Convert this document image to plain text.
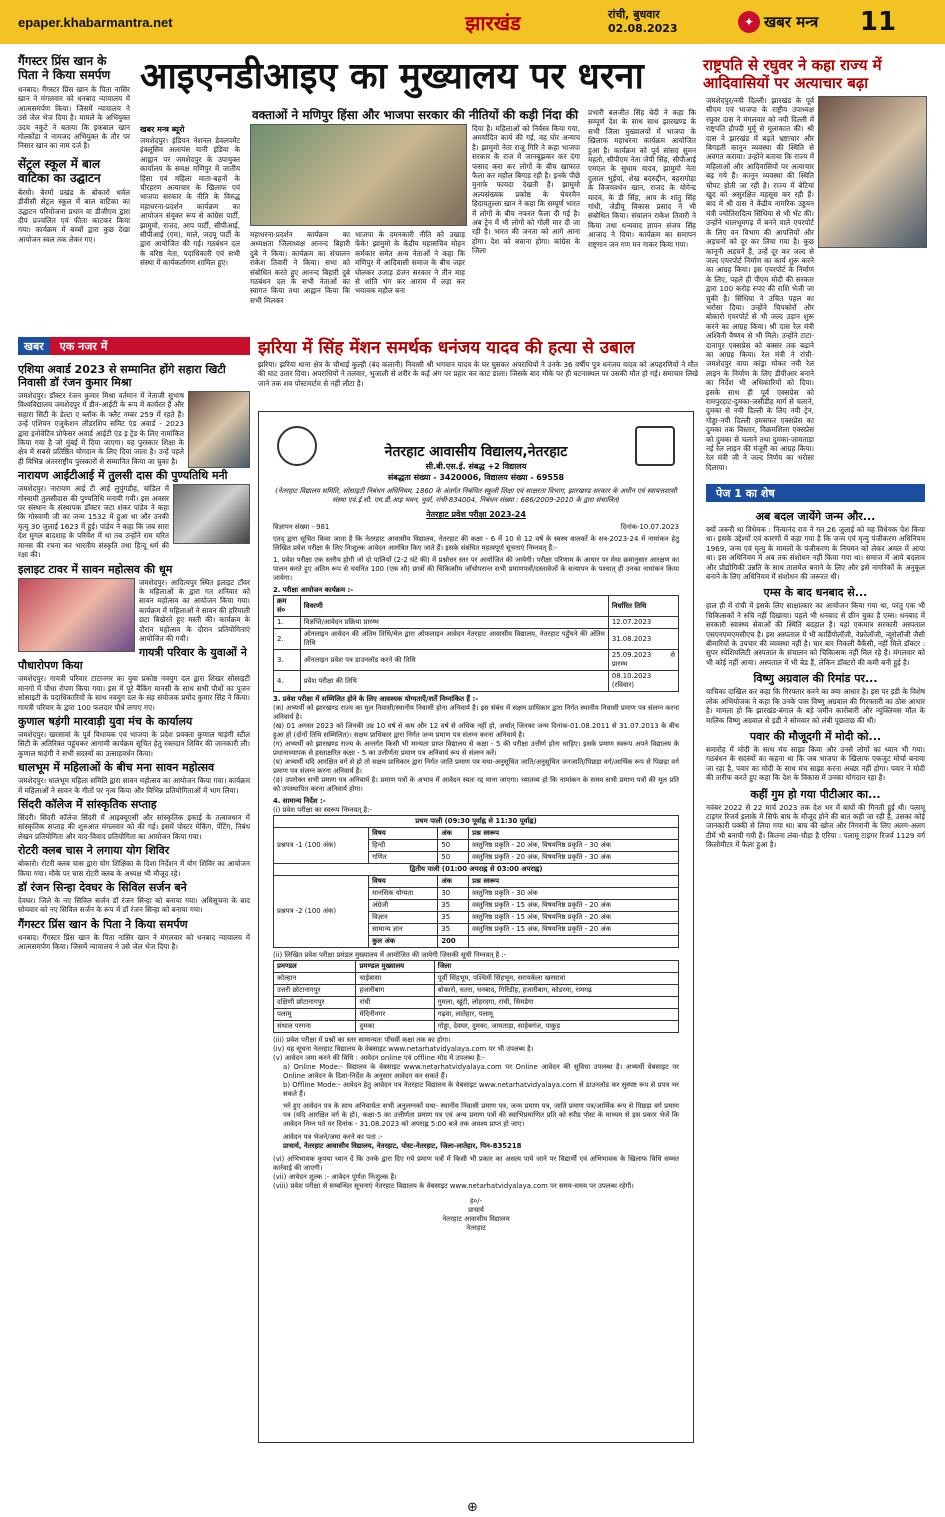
epaper.khabarmantra.net	झारखंड	रांची, बुधवार
02.08.2023	✦ खबर मन्त्र 11
गैंगस्टर प्रिंस खान के पिता ने किया समर्पण
धनबाद। गैंगस्टर प्रिंस खान के पिता नासिर खान ने मंगलवार को धनबाद न्यायालय में आत्मसमर्पण किया। जिसमें न्यायालय ने उसे जेल भेज दिया है। मामले के अभियुक्त उदय नकुटे ने बताया कि इकबाल खान गोल्कोंडा ने नामजद अभियुक्त के तौर पर निसार खान का नाम दर्ज है।
सेंट्रल स्कूल में बाल वाटिका का उद्घाटन
बेरमो। बेरमो प्रखंड के बोकारो थर्मल डीवीसी सेंट्रल स्कूल में बाल वाटिका का उद्घाटन परियोजना प्रधान वा डीजीएम द्वारा दीप प्रज्वलित एवं फीता काटकर किया गया। कार्यक्रम में बच्चों द्वारा कुछ देखा आयोजन स्वल तक लेकर गए।
आइएनडीआइए का मुख्यालय पर धरना
वक्ताओं ने मणिपुर हिंसा और भाजपा सरकार की नीतियों की कड़ी निंदा की
खबर मन्त्र ब्यूरो
जमशेदपुर। इंडियन नेशनल डेवलपमेंट इंक्लूसिव अलायंस यानी इंडिया के आह्वान पर जमशेदपुर के उपायुक्त कार्यालय के समक्ष मणिपुर में जातीय हिंसा एवं महिला माता-बहनों के चीरहरण अत्याचार के खिलाफ एवं भाजपा सरकार के नीति के विरुद्ध महाधरना-प्रदर्शन कार्यक्रम का आयोजन संयुक्त रूप से कांग्रेस पार्टी, झामुमो, राजद, आप पार्टी, सीपीआई, सीपीआई (एम), माले, जदयू पार्टी के द्वारा आयोजित की गई। गठबंधन दल के वरिष्ठ नेता, पदाधिकारी एवं सभी संस्था में कार्यकर्तागण शामिल हुए।
महाधरना-प्रदर्शन कार्यक्रम का अध्यक्षता जिलाध्यक्ष आनन्द बिहारी दुबे ने किया। कार्यक्रम का संचालन राकेश तिवारी ने किया। सभा को संबोधित करते हुए आनन्द बिहारी दुबे गठबंधन दल के सभी नेताओं का स्वागत किया तथा आह्वान किया कि सभी मिलकर
भाजपा के दमनकारी नीति को उखाड़ फेंके! झामुमो के केंद्रीय महासचिव मोहन कर्मकार समेत अन्य नेताओं ने कहा कि मणिपुर में आदिवासी समाज के बीच जहर घोलकर उजाड़ डंजन सरकार ने तीन माह से शांति भंग कर आराम में लड़ा कर भयावक महौल बना
दिया है। महिलाओं को निर्वस्त्र किया गया, अमर्यादित कार्य की गई, वह घोर अन्याय है। झामुमो नेता राजू गिरि ने कहा भाजपा सरकार के राज में जानबूझकर कर दंगा फसाद करा कर लोगों के बीच खाफात फैला कर महौल बिगाड़ रही है। इनके पीछे मुनाफे फायदा देखती है। झामुमो अल्पसंख्यक प्रकोष्ठ के चेयरमैन हिदायतुल्ला खान ने कहा कि सम्पूर्ण भारत में लोगों के बीच नफरत फैला दी गई है। अब ट्रेन में भी लोगों को गोली मार दी जा रही है। भारत की जनता को आगे आना होगा। देश को बचाना होगा। कांग्रेस के जिला
प्रभारी बलजीत सिंह बेदी ने कहा कि सम्पूर्ण देश के साथ साथ झारखण्ड के सभी जिला मुख्यालयों में भाजपा के खिलाफ महाधरना कार्यक्रम आयोजित हुआ है। कार्यक्रम को पूर्व सांसद सुमन महतो, सीपीएम नेता जेपी सिंह, सीपीआई एमएल के सुधाम यादव, झामुमो नेता दुलाल भुईयां, शेख बदरुद्दीन, बहरागोड़ा के विजयवर्धन खान, राजद के योगेन्द्र यादव, के डी सिंह, आप के शांतु सिंह गांधी, जेडीयू विकास प्रसाद ने भी संबोधित किया। संचालन राकेश तिवारी ने किया तथा धन्यवाद ज्ञापन संजय सिंह आजाद ने दिया। कार्यक्रम का समापन राष्ट्रगान जन गण मन गाकर किया गया।
राष्ट्रपति से रघुवर ने कहा राज्य में आदिवासियों पर अत्याचार बढ़ा
जमशेदपुर/नयी दिल्ली। झारखंड के पूर्व सीएम एवं भाजपा के राष्ट्रीय उपाध्यक्ष रघुवर दास ने मंगलवार को नयी दिल्ली में राष्ट्रपति द्रौपदी मुर्मू से मुलाकात की। श्री दास ने झारखंड में बढ़ते भ्रष्टाचार और बिगड़ती कानून व्यवस्था की स्थिति से अवगत कराया। उन्होंने बताया कि राज्य में महिलाओं और आदिवासियों पर अत्याचार बढ़ गये हैं। कानून व्यवस्था की स्थिति चौपट होती जा रही है। राज्य में बेटियां खुद को असुरक्षित महसूस कर रही हैं। बाद में श्री दास ने केंद्रीय नागरिक उड्डयन मंत्री ज्योतिरादित्य सिंधिया से भी भेंट की। उन्होंने धालभूमगढ़ में बनने वाले एयरपोर्ट के लिए वन विभाग की आपत्तियों और अड़चनों को दूर कर लिया गया है। कुछ कानूनी अड़चनें हैं, उन्हें दूर कर जल्द से जल्द एयरपोर्ट निर्माण का कार्य शुरू करने का आग्रह किया। इस एयरपोर्ट के निर्माण के लिए, पहले ही पीएम मोदी की सरकार द्वारा 100 करोड़ रुपए की राशि भेजी जा चुकी है। सिंधिया ने उचित पहल का भरोसा दिया। उन्होंने चिपकोरों और बोकारो एयरपोर्ट से भी जल्द उड़ान शुरू करने का आग्रह किया। श्री दास रेल मंत्री अश्विनी वैष्णव से भी मिले। उन्होंने टाटा-दानापुर एक्सप्रेस को बक्सर तक बढ़ाने का आग्रह किया। रेल मंत्री ने रांची-जमशेदपुर वाया कांड्रा मोकर नयी रेल लाइन के निर्माण के लिए डीपीआर बनाने का निर्देश भी अधिकारियों को दिया। इसके साथ ही पूर्व एक्सप्रेस को रामपुरहाट-दुमका-जसीडीह मार्ग से चलाने, दुमका से नयी दिल्ली के लिए नयी ट्रेन, गोड्डा-नयी दिल्ली हमसफर एक्सप्रेस का दुमका तक विस्तार, विक्रमशिला एक्सप्रेस को दुमका से चलाने तथा दुमका-जामताड़ा नई रेल लाइन की मंजूरी का आग्रह किया। रेल मंत्री जी ने जल्द निर्णय का भरोसा दिलाया।
खबर	एक नजर में
एशिया अवार्ड 2023 से सम्मानित होंगे सहारा खिटी निवासी डॉ रंजन कुमार मिश्रा
जमशेदपुर। डॉक्टर रंजन कुमार मिश्रा वर्तमान में नेताजी सुभाष विश्वविद्यालय जमशेदपुर में डीन-आईटी के रूप में कार्यरत हैं और सहारा सिटी के डेल्टा ए ब्लॉक के फ्लैट नम्बर 259 में रहते हैं। उन्हें एशियन एजुकेशन लीडरशिप समिट एंड अवार्ड - 2023 द्वारा इनोवेटिव प्रोफेसर अवार्ड आईटी एंड इ ट्रेड के लिए नामांकित किया गया है जो मुंबई में दिया जाएगा। यह पुरस्कार शिक्षा के क्षेत्र में सबसे प्रतिष्ठित योगदान के लिए दिया जाता है। उन्हें पहले ही विभिन्न अंतरराष्ट्रीय पुरस्कारों से सम्मानित किया जा चुका है।
नारायण आईटीआई में तुलसी दास की पुण्यतिथि मनी
जमशेदपुर। नारायण आई टी आई लुपुंगडीह, चांडिल में गोस्वामी तुलसीदास की पुण्यतिथि मनायी गयी। इस अवसर पर संस्थान के संस्थापक डॉक्टर जटा शंकर पांडेय ने कहा कि गोस्वामी जी का जन्म 1532 में हुआ था और उनकी मृत्यु 30 जुलाई 1623 में हुई। पांडेय ने कहा कि जब सारा देश मुगल बादशाह के परिवेश में था तब उन्होंने राम चरित मानस की रचना कर भारतीय संस्कृति तथा हिन्दू धर्म की रक्षा की।
इलाइट टावर में सावन महोत्सव की धूम
जमशेदपुर। आदित्यपुर स्थित इलाइट टॉवर के महिलाओं के द्वारा गत शनिवार को सावन महोत्सव का आयोजन किया गया। कार्यक्रम में महिलाओं ने सावन की हरियाली छटा बिखेरते हुए मस्ती की। कार्यक्रम के दौरान महोत्सव के दौरान प्रतियोगिताएं आयोजित की गयी।
गायत्री परिवार के युवाओं ने पौधारोपण किया
जमशेदपुर। गायत्री परिवार टाटानगर का युवा प्रकोष्ठ नवयुग दल द्वारा शिखर सोसाइटी मानगो में पौधा रोपण किया गया। इस में पूरे बैंकिंग मानसी के साथ सभी पौधों का पूजन सोसाइटी के पदाधिकारियों के साथ नवयुग दल के सह संयोजक प्रमोद कुमार सिंह ने किया। गायत्री परिवार के द्वारा 100 फलदार पौधे लगाए गए।
कुणाल षड़ंगी मारवाड़ी युवा मंच के कार्यालय
जमशेदपुर। खरसावां के पूर्व विधायक एवं भाजपा के प्रदेश प्रवक्ता कुणाल षाड़ंगी स्टील सिटी के अतिरिक्त पहुंचकर आगामी कार्यक्रम सूचित हेतु रक्तदान शिविर की जानकारी ली। कुणाल षाड़ंगी ने सभी सदस्यों का उत्साहवर्धन किया।
धालभूम में महिलाओं के बीच मना सावन महोत्सव
जमशेदपुर। धालभूम महिला समिति द्वारा सावन महोत्सव का आयोजन किया गया। कार्यक्रम में महिलाओं ने सावन के गीतों पर नृत्य किया और विभिन्न प्रतियोगिताओं में भाग लिया।
सिंदरी कॉलेज में सांस्कृतिक सप्ताह
सिंदरी। सिंदरी कॉलेज सिंदरी में आइक्यूएसी और सांस्कृतिक इकाई के तत्वावधान में सांस्कृतिक सप्ताह की शुरुआत मंगलवार को की गई। इसमें पोस्टर मेकिंग, पेंटिंग, निबंध लेखन प्रतियोगिता और वाद-विवाद प्रतियोगिता का आयोजन किया गया।
रोटरी क्लब चास ने लगाया योग शिविर
बोकारो। रोटरी क्लब चास द्वारा योग शिक्षिका के दिशा निर्देशन में योग शिविर का आयोजन किया गया। मौके पर चास रोटरी क्लब के अध्यक्ष भी मौजूद रहे।
डॉ रंजन सिन्हा देवघर के सिविल सर्जन बने
देवघर। जिले के नए सिविल सर्जन डॉ रंजन सिन्हा को बनाया गया। अधिसूचना के बाद सोमवार को नए सिविल सर्जन के रूप में डॉ रंजन सिन्हा को बनाया गया।
गैंगस्टर प्रिंस खान के पिता ने किया समर्पण
धनबाद। गैंगस्टर प्रिंस खान के पिता नासिर खान ने मंगलवार को धनबाद न्यायालय में आत्मसमर्पण किया। जिसमें न्यायालय ने उसे जेल भेज दिया है।
झरिया में सिंह मेंशन समर्थक धनंजय यादव की हत्या से उबाल
झरिया। झरिया थाना क्षेत्र के चौथाई कुल्ही (बंद कलानी) निवासी श्री भगवान यादव के घर घुसकर अपराधियों ने उनके 36 वर्षीय पुत्र धनंजय यादव को अपहरणियों ने मौत की घाट उतार दिया। अपराधियों ने तलवार, भुजाली से शरीर के कई अंग पर प्रहार कर काट डाला। जिसके बाद मौके पर ही घटनास्थल पर उसकी मौत हो गई। समाचार लिखे जाने तक शव पोस्टमार्टम से नहीं लौटा है।
नेतरहाट आवासीय विद्यालय,नेतरहाट
सी.बी.एस.ई. संबद्ध +2 विद्यालय
संबद्धता संख्या - 3420006, विद्यालय संख्या - 69558
(नेतरहाट विद्यालय समिति, सोसाइटी निबंधन अधिनियम, 1860 के अंतर्गत निबंधित स्कूली शिक्षा एवं साक्षरता विभाग, झारखण्ड सरकार के अधीन एवं स्वायत्तशासी संस्था एवं.ई.सी. एम.डी.आइ भवन, धुर्वा, रांची-834004, निबंधन संख्या : 686/2009-2010 के द्वारा संचालित)
नेतरहाट प्रवेश परीक्षा 2023-24
विज्ञापन संख्या - 981	दिनांक-10.07.2023
एतद् द्वारा सूचित किया जाता है कि नेतरहाट आवासीय विद्यालय, नेतरहाट की कक्षा - 6 में 10 से 12 वर्ष के स्वस्थ बालकों के सत्र-2023-24 में नामांकन हेतु लिखित प्रवेश परीक्षा के लिए निःशुल्क आवेदन आमंत्रित किए जाते हैं। इसके संबंधित महत्वपूर्ण सूचनाएं निम्नवत् हैं:-
1. प्रवेश परीक्षा एक स्तरीय होगी जो दो पालियों (2-2 घंटे की) में प्रश्नोत्तर स्तर पर आयोजित की जायेगी। परीक्षा परिणाम के आधार पर मेधा क्रमानुसार आरक्षण का पालन करते हुए अंतिम रूप से चयनित 100 (एक सौ) छात्रों की चिकित्सीय जाँचोपरान्त सभी प्रमाणपत्रों/दस्तावेजों के सत्यापन के पश्चात् ही उनका नामांकन किया जायेगा।
2. परीक्षा आयोजन कार्यक्रम :-
क्रम सं०	विवरणी	निर्धारित तिथि
1.	विज्ञप्ति/आवेदन प्रक्रिया प्रारम्भ	12.07.2023
2.	ऑनलाइन आवेदन की अंतिम तिथि/मेल द्वारा ऑफलाइन आवेदन नेतरहाट आवासीय विद्यालय, नेतरहाट पहुँचने की अंतिम तिथि	31.08.2023
3.	ऑनलाइन प्रवेश पत्र डाउनलोड करने की तिथि	25.09.2023 से प्रारम्भ
4.	प्रवेश परीक्षा की तिथि	08.10.2023 (रविवार)
3. प्रवेश परीक्षा में सम्मिलित होने के लिए आवश्यक योग्यताएँ/शर्तें निम्नांकित हैं :-
(क) अभ्यर्थी को झारखण्ड राज्य का मूल निवासी/स्थानीय निवासी होना अनिवार्य है। इस संबंध में सक्षम प्राधिकार द्वारा निर्गत स्थानीय निवासी प्रमाण पत्र संलग्न करना अनिवार्य है।
(ख) 01 अगस्त 2023 को जिनकी उम्र 10 वर्ष से कम और 12 वर्ष से अधिक नहीं हो, अर्थात् जिनका जन्म दिनांक-01.08.2011 से 31.07.2013 के बीच हुआ हो (दोनों तिथि सम्मिलित)। सक्षम प्राधिकार द्वारा निर्गत जन्म प्रमाण पत्र संलग्न करना अनिवार्य है।
(ग) अभ्यर्थी को झारखण्ड राज्य के अन्तर्गत किसी भी मान्यता प्राप्त विद्यालय से कक्षा - 5 की परीक्षा उत्तीर्ण होना चाहिए। इसके प्रमाण स्वरूप अपने विद्यालय के प्रधानाध्यापक से हस्ताक्षरित कक्षा - 5 का उत्तीर्णता प्रमाण पत्र अनिवार्य रूप से संलग्न करें।
(घ) अभ्यर्थी यदि आरक्षित वर्ग से हो तो सक्षम प्राधिकार द्वारा निर्गत जाति प्रमाण पत्र यथा-अनुसूचित जाति/अनुसूचित जनजाति/पिछड़ा वर्ग/आर्थिक रूप से पिछड़ा वर्ग प्रमाण पत्र संलग्न करना अनिवार्य है।
(ङ) उपरोक्त सभी प्रमाण पत्र अनिवार्य है। प्रमाण पत्रों के अभाव में आवेदन स्वतः रद्द माना जाएगा। ध्यातव्य हो कि नामांकन के समय सभी प्रमाण पत्रों की मूल प्रति को उपस्थापित करना अनिवार्य होगा।
4. सामान्य निर्देश :-
(i) प्रवेश परीक्षा का स्वरूप निम्नवत् है:-
प्रथम पाली (09:30 पूर्वाह्न से 11:30 पूर्वाह्न)			
प्रश्नपत्र -1 (100 अंक)	विषय	अंक	प्रश्न स्वरूप
	हिन्दी	50	वस्तुनिष्ठ प्रकृति - 20 अंक, विषयनिष्ठ प्रकृति - 30 अंक
	गणित	50	वस्तुनिष्ठ प्रकृति - 20 अंक, विषयनिष्ठ प्रकृति - 30 अंक
द्वितीय पाली (01:00 अपराह्न से 03:00 अपराह्न)			
प्रश्नपत्र -2 (100 अंक)	विषय	अंक	प्रश्न स्वरूप
	मानसिक योग्यता	30	वस्तुनिष्ठ प्रकृति - 30 अंक
	अंग्रेजी	35	वस्तुनिष्ठ प्रकृति - 15 अंक, विषयनिष्ठ प्रकृति - 20 अंक
	विज्ञान	35	वस्तुनिष्ठ प्रकृति - 15 अंक, विषयनिष्ठ प्रकृति - 20 अंक
	सामान्य ज्ञान	35	वस्तुनिष्ठ प्रकृति - 15 अंक, विषयनिष्ठ प्रकृति - 20 अंक
	कुल अंक	200	
(ii) लिखित प्रवेश परीक्षा प्रमंडल मुख्यालय में आयोजित की जायेगी जिसकी सूची निम्नवत् है :-
प्रमण्डल	प्रमण्डल मुख्यालय	जिला
कोल्हान	चाईबासा	पूर्वी सिंहभूम, पश्चिमी सिंहभूम, सरायकेला खरसावां
उत्तरी छोटानागपुर	हजारीबाग	बोकारो, चतरा, धनबाद, गिरिडीह, हजारीबाग, कोडरमा, रामगढ़
दक्षिणी छोटानागपुर	रांची	गुमला, खूंटी, लोहरदगा, रांची, सिमडेगा
पलामू	मेदिनीनगर	गढ़वा, लातेहार, पलामू
संथाल परगना	दुमका	गोड्डा, देवघर, दुमका, जामताड़ा, साहेबगंज, पाकुड़
(iii) प्रवेश परीक्षा में प्रश्नों का स्तर सामान्यतः पाँचवीं कक्षा तक का होगा।
(iv) यह सूचना नेतरहाट विद्यालय के वेबसाइट www.netarhatvidyalaya.com पर भी उपलब्ध है।
(v) आवेदन जमा करने की विधि : आवेदन online एवं offline मोड में उपलब्ध है:-
a) Online Mode:- विद्यालय के वेबसाइट www.netarhatvidyalaya.com पर Online आवेदन की सुविधा उपलब्ध है। अभ्यर्थी वेबसाइट पर Online आवेदन के दिशा-निर्देश के अनुसार आवेदन कर सकते हैं।
b) Offline Mode:- आवेदन हेतु आवेदन पत्र नेतरहाट विद्यालय के वेबसाइट www.netarhatvidyalaya.com से डाउनलोड कर सुस्पष्ट रूप से प्रपत्र भर सकते हैं।
भरे हुए आवेदन पत्र के साथ अनिवार्यतः सभी अनुलग्नकों यथा- स्थानीय निवासी प्रमाण पत्र, जन्म प्रमाण पत्र, जाति प्रमाण पत्र/आर्थिक रूप से पिछड़ा वर्ग प्रमाण पत्र (यदि आरक्षित वर्ग के हो), कक्षा-5 का उत्तीर्णता प्रमाण पत्र एवं अन्य प्रमाण पत्रों की स्वाभिप्रमाणित प्रति को स्पीड पोस्ट के माध्यम से इस प्रकार भेजें कि आवेदन निम्न पते पर दिनांक - 31.08.2023 को अपराह्न 5:00 बजे तक अवश्य प्राप्त हो जाए।
आवेदन पत्र भेजने/जमा करने का पता :-
प्राचार्य, नेतरहाट आवासीय विद्यालय, नेतरहाट, पोस्ट-नेतरहाट, जिला-लातेहार, पिन-835218
(vi) अभिभावक कृपया ध्यान दें कि उनके द्वारा दिए गये प्रमाण पत्रों में किसी भी प्रकार का असत्य पाये जाने पर विद्यार्थी एवं अभिभावक के खिलाफ विधि सम्मत कार्रवाई की जाएगी।
(vii) आवेदन शुल्क :- आवेदन पूर्णतः निःशुल्क है।
(viii) प्रवेश परीक्षा से सम्बन्धित सूचनाएं नेतरहाट विद्यालय के वेबसाइट www.netarhatvidyalaya.com पर समय-समय पर उपलब्ध रहेगी।
ह०/-
प्राचार्य
नेतरहाट आवासीय विद्यालय
नेतरहाट
पेज 1 का शेष
अब बदल जायेंगे जन्म और...
क्यों जरूरी था विधेयक : नित्यानंद राय ने गत 26 जुलाई को यह विधेयक पेश किया था। इसके उद्देश्यों एवं कारणों में कहा गया है कि जन्म एवं मृत्यु पंजीकरण अधिनियम 1969, जन्म एवं मृत्यु के मामलों के पंजीकरण के नियमन को लेकर अमल में आया था। इस अधिनियम में अब तक संशोधन नहीं किया गया था। समाज में आये बदलाव और प्रौद्योगिकी उन्नति के साथ तालमेल बनाने के लिए और इसे नागरिकों के अनुकूल बनाने के लिए अधिनियम में संशोधन की जरूरत थी।
एम्स के बाद धनबाद से...
हाल ही में रांची में इसके लिए साक्षात्कार का आयोजन किया गया था, परंतु एक भी चिकित्सकों ने रुचि नहीं दिखाया। पहले भी धनबाद से छीन चुका है एम्स। धनबाद में सरकारी स्वास्थ्य सेवाओं की स्थिति बदहाल है। यहां एकमात्र सरकारी अस्पताल एसएनएमएमसीएच है। इस अस्पताल में भी कार्डियोलॉजी, नेफ्रोलॉजी, न्यूरोलॉजी जैसी बीमारियों के उपचार की व्यवस्था नहीं है। चार बार निकली वैकेंसी, नहीं मिले डॉक्टर : सुपर स्पेशियलिटी अस्पताल के संचालन को चिकित्सक नहीं मिल रहे हैं। मंगलवार को भी कोई नहीं आया। अस्पताल में भी बेड हैं, लेकिन डॉक्टरों की कमी बनी हुई है।
विष्णु अग्रवाल की रिमांड पर...
याचिका दाखिल कर कहा कि गिरफ्तार करने का क्या आधार है। इस पर इडी के विशेष लोक अभियोजक ने कहा कि उनके पास विष्णु अग्रवाल की गिरफ्तारी का ठोस आधार है। मामला हो कि झारखंड-बंगाल के बड़े जमीन कारोबारी और न्यूक्लियस मॉल के मालिक विष्णु अग्रवाल से इडी ने सोमवार को लंबी पूछताछ की थी।
पवार की मौजूदगी में मोदी को...
समारोह में मोदी के साथ मंच साझा किया और उनसे लोगों का ध्यान भी गया। गठबंधन के सदस्यों का कहना था कि जब भाजपा के खिलाफ एकजुट मोर्चा बनाया जा रहा है, पवार का मोदी के साथ मंच साझा करना अच्छा नहीं होगा। पवार ने मोदी की तारीफ करते हुए कहा कि देश के विकास में उनका योगदान रहा है।
कहीं गुम हो गया पीटीआर का...
नवंबर 2022 से 22 मार्च 2023 तक देश भर में बाघों की गिनती हुई थी। पलामू टाइगर रिजर्व इलाके में सिर्फ बाघ के मौजूद होने की बात कही जा रही है, उसका कोई जानकारी पक्की से लिया गया था। बाघ की खोज और निगरानी के लिए अलग-अलग टीमें भी बनायी गयी हैं। कितना लंबा-चौड़ा है एरिया : पलामू टाइगर रिजर्व 1129 वर्ग किलोमीटर में फैला हुआ है।
⊕
